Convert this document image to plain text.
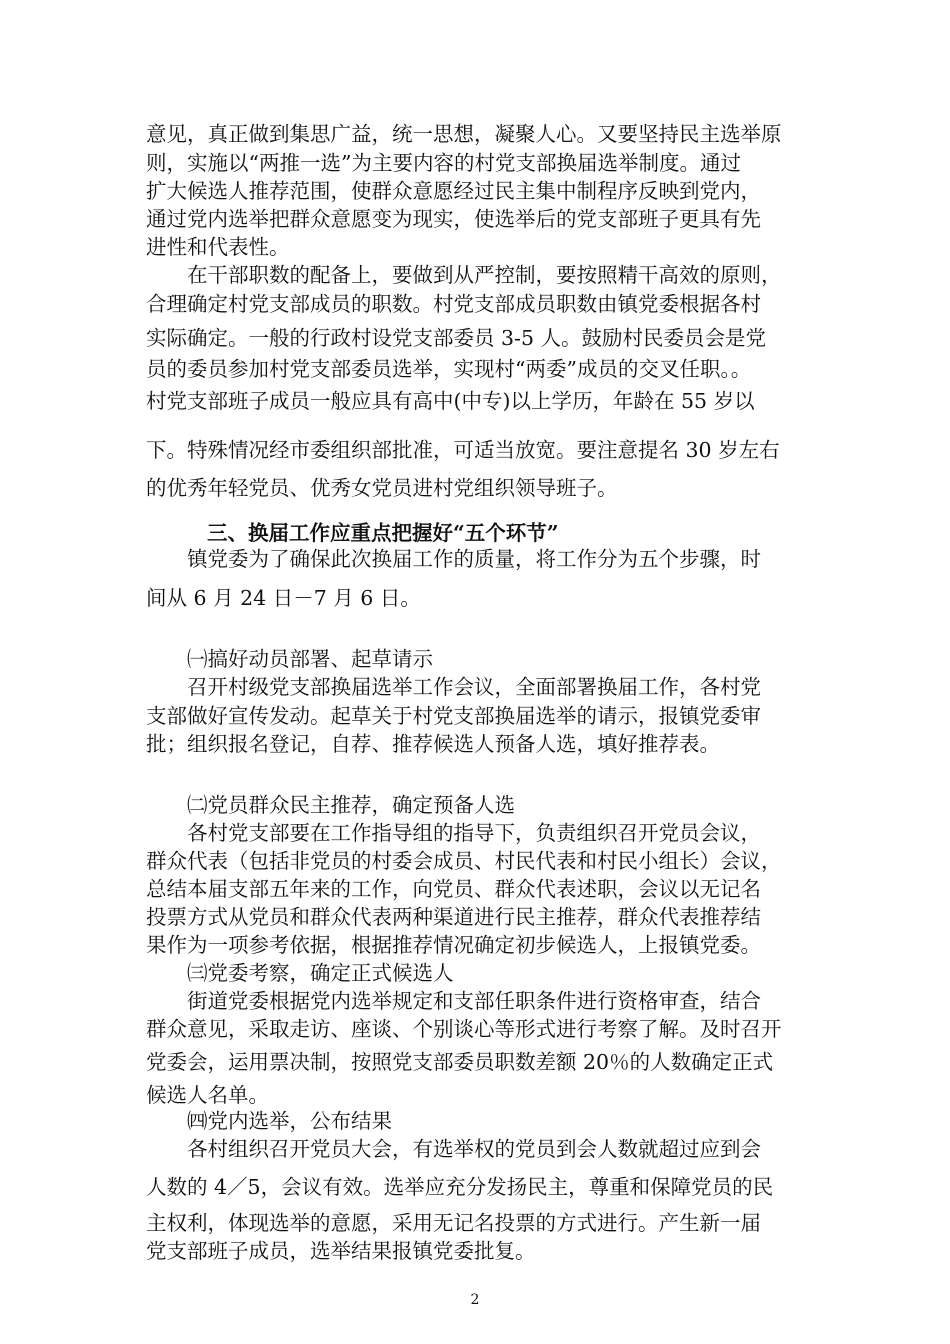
意见，真正做到集思广益，统一思想，凝聚人心。又要坚持民主选举原
则，实施以“两推一选”为主要内容的村党支部换届选举制度。通过
扩大候选人推荐范围，使群众意愿经过民主集中制程序反映到党内，
通过党内选举把群众意愿变为现实，使选举后的党支部班子更具有先
进性和代表性。
在干部职数的配备上，要做到从严控制，要按照精干高效的原则，
合理确定村党支部成员的职数。村党支部成员职数由镇党委根据各村
实际确定。一般的行政村设党支部委员 3-5 人。鼓励村民委员会是党
员的委员参加村党支部委员选举，实现村“两委”成员的交叉任职。。
村党支部班子成员一般应具有高中(中专)以上学历，年龄在 55 岁以
下。特殊情况经市委组织部批准，可适当放宽。要注意提名 30 岁左右
的优秀年轻党员、优秀女党员进村党组织领导班子。
三、换届工作应重点把握好“五个环节”
镇党委为了确保此次换届工作的质量，将工作分为五个步骤，时
间从 6 月 24 日－7 月 6 日。
㈠搞好动员部署、起草请示
召开村级党支部换届选举工作会议，全面部署换届工作，各村党
支部做好宣传发动。起草关于村党支部换届选举的请示，报镇党委审
批；组织报名登记，自荐、推荐候选人预备人选，填好推荐表。
㈡党员群众民主推荐，确定预备人选
各村党支部要在工作指导组的指导下，负责组织召开党员会议，
群众代表（包括非党员的村委会成员、村民代表和村民小组长）会议，
总结本届支部五年来的工作，向党员、群众代表述职，会议以无记名
投票方式从党员和群众代表两种渠道进行民主推荐，群众代表推荐结
果作为一项参考依据，根据推荐情况确定初步候选人，上报镇党委。
㈢党委考察，确定正式候选人
街道党委根据党内选举规定和支部任职条件进行资格审查，结合
群众意见，采取走访、座谈、个别谈心等形式进行考察了解。及时召开
党委会，运用票决制，按照党支部委员职数差额 20％的人数确定正式
候选人名单。
㈣党内选举，公布结果
各村组织召开党员大会，有选举权的党员到会人数就超过应到会
人数的 4／5，会议有效。选举应充分发扬民主，尊重和保障党员的民
主权利，体现选举的意愿，采用无记名投票的方式进行。产生新一届
党支部班子成员，选举结果报镇党委批复。
2
